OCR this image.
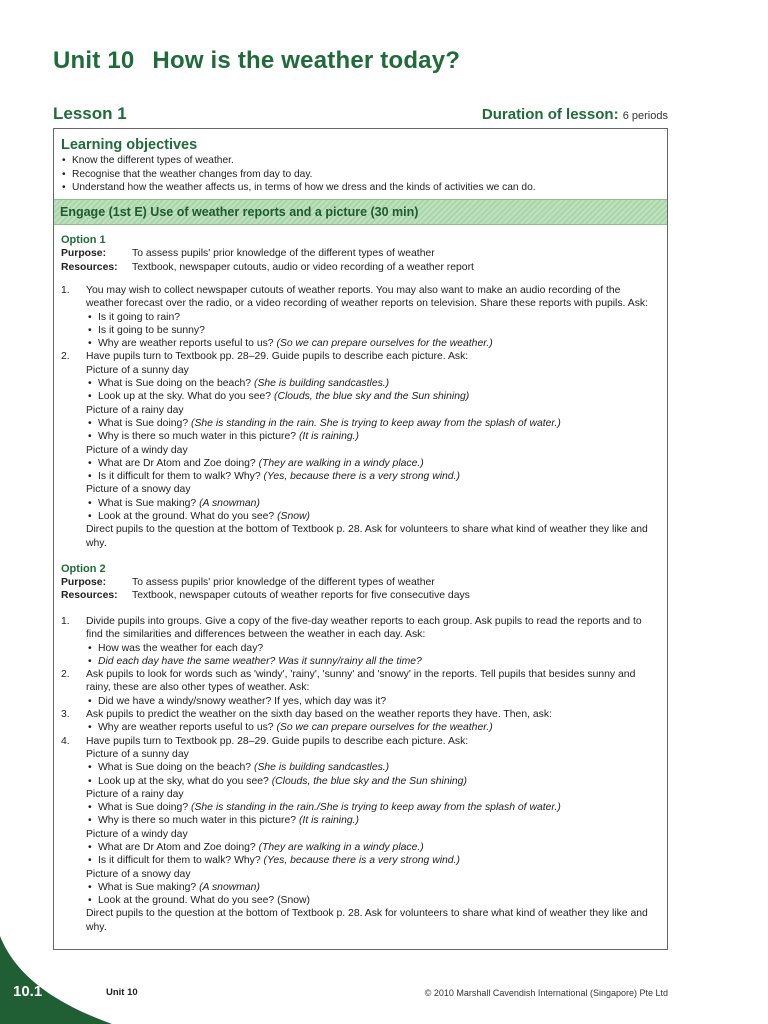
Unit 10 How is the weather today?
Lesson 1	Duration of lesson: 6 periods
Learning objectives
• Know the different types of weather.
• Recognise that the weather changes from day to day.
• Understand how the weather affects us, in terms of how we dress and the kinds of activities we can do.
Engage (1st E) Use of weather reports and a picture (30 min)
Option 1
Purpose: To assess pupils' prior knowledge of the different types of weather
Resources: Textbook, newspaper cutouts, audio or video recording of a weather report
1. You may wish to collect newspaper cutouts of weather reports. You may also want to make an audio recording of the weather forecast over the radio, or a video recording of weather reports on television. Share these reports with pupils. Ask:
• Is it going to rain?
• Is it going to be sunny?
• Why are weather reports useful to us? (So we can prepare ourselves for the weather.)
2. Have pupils turn to Textbook pp. 28–29. Guide pupils to describe each picture. Ask:
Picture of a sunny day
• What is Sue doing on the beach? (She is building sandcastles.)
• Look up at the sky. What do you see? (Clouds, the blue sky and the Sun shining)
Picture of a rainy day
• What is Sue doing? (She is standing in the rain. She is trying to keep away from the splash of water.)
• Why is there so much water in this picture? (It is raining.)
Picture of a windy day
• What are Dr Atom and Zoe doing? (They are walking in a windy place.)
• Is it difficult for them to walk? Why? (Yes, because there is a very strong wind.)
Picture of a snowy day
• What is Sue making? (A snowman)
• Look at the ground. What do you see? (Snow)
Direct pupils to the question at the bottom of Textbook p. 28. Ask for volunteers to share what kind of weather they like and why.
Option 2
Purpose: To assess pupils' prior knowledge of the different types of weather
Resources: Textbook, newspaper cutouts of weather reports for five consecutive days
1. Divide pupils into groups. Give a copy of the five-day weather reports to each group. Ask pupils to read the reports and to find the similarities and differences between the weather in each day. Ask:
• How was the weather for each day?
• Did each day have the same weather? Was it sunny/rainy all the time?
2. Ask pupils to look for words such as 'windy', 'rainy', 'sunny' and 'snowy' in the reports. Tell pupils that besides sunny and rainy, these are also other types of weather. Ask:
• Did we have a windy/snowy weather? If yes, which day was it?
3. Ask pupils to predict the weather on the sixth day based on the weather reports they have. Then, ask:
• Why are weather reports useful to us? (So we can prepare ourselves for the weather.)
4. Have pupils turn to Textbook pp. 28–29. Guide pupils to describe each picture. Ask:
Picture of a sunny day
• What is Sue doing on the beach? (She is building sandcastles.)
• Look up at the sky, what do you see? (Clouds, the blue sky and the Sun shining)
Picture of a rainy day
• What is Sue doing? (She is standing in the rain./She is trying to keep away from the splash of water.)
• Why is there so much water in this picture? (It is raining.)
Picture of a windy day
• What are Dr Atom and Zoe doing? (They are walking in a windy place.)
• Is it difficult for them to walk? Why? (Yes, because there is a very strong wind.)
Picture of a snowy day
• What is Sue making? (A snowman)
• Look at the ground. What do you see? (Snow)
Direct pupils to the question at the bottom of Textbook p. 28. Ask for volunteers to share what kind of weather they like and why.
10.1	Unit 10	© 2010 Marshall Cavendish International (Singapore) Pte Ltd
